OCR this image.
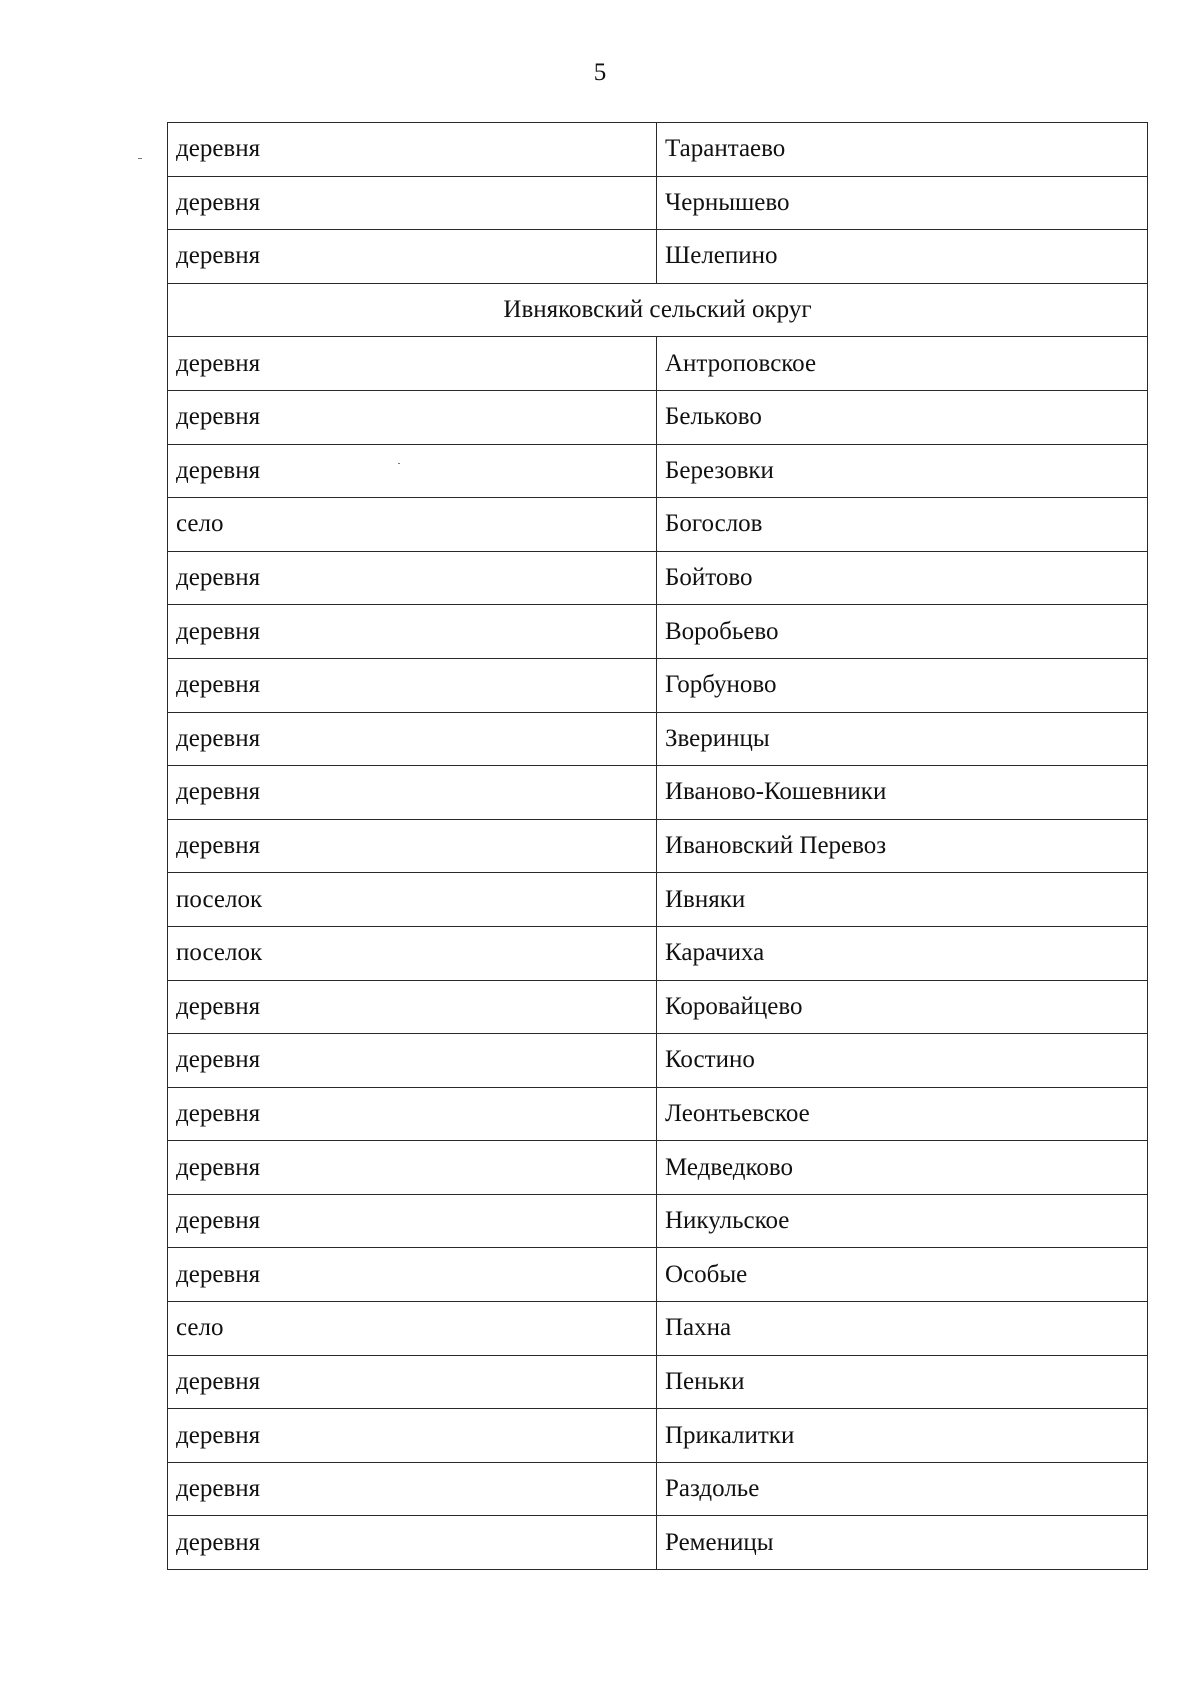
5
деревня	Тарантаево
деревня	Чернышево
деревня	Шелепино
Ивняковский сельский округ	
деревня	Антроповское
деревня	Бельково
деревня	Березовки
село	Богослов
деревня	Бойтово
деревня	Воробьево
деревня	Горбуново
деревня	Зверинцы
деревня	Иваново-Кошевники
деревня	Ивановский Перевоз
поселок	Ивняки
поселок	Карачиха
деревня	Коровайцево
деревня	Костино
деревня	Леонтьевское
деревня	Медведково
деревня	Никульское
деревня	Особые
село	Пахна
деревня	Пеньки
деревня	Прикалитки
деревня	Раздолье
деревня	Ременицы
